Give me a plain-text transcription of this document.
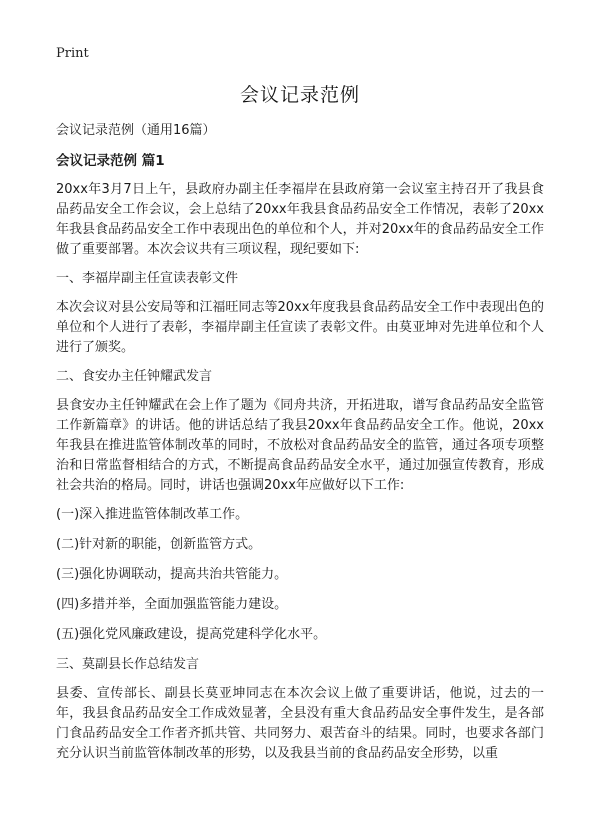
Print
会议记录范例

会议记录范例（通用16篇）

会议记录范例 篇1

20xx年3月7日上午，县政府办副主任李福岸在县政府第一会议室主持召开了我县食品药品安全工作会议，会上总结了20xx年我县食品药品安全工作情况，表彰了20xx年我县食品药品安全工作中表现出色的单位和个人，并对20xx年的食品药品安全工作做了重要部署。本次会议共有三项议程，现纪要如下:

一、李福岸副主任宣读表彰文件

本次会议对县公安局等和江福旺同志等20xx年度我县食品药品安全工作中表现出色的单位和个人进行了表彰，李福岸副主任宣读了表彰文件。由莫亚坤对先进单位和个人进行了颁奖。

二、食安办主任钟耀武发言

县食安办主任钟耀武在会上作了题为《同舟共济，开拓进取，谱写食品药品安全监管工作新篇章》的讲话。他的讲话总结了我县20xx年食品药品安全工作。他说，20xx年我县在推进监管体制改革的同时，不放松对食品药品安全的监管，通过各项专项整治和日常监督相结合的方式，不断提高食品药品安全水平，通过加强宣传教育，形成社会共治的格局。同时，讲话也强调20xx年应做好以下工作:

(一)深入推进监管体制改革工作。

(二)针对新的职能，创新监管方式。

(三)强化协调联动，提高共治共管能力。

(四)多措并举，全面加强监管能力建设。

(五)强化党风廉政建设，提高党建科学化水平。

三、莫副县长作总结发言

县委、宣传部长、副县长莫亚坤同志在本次会议上做了重要讲话，他说，过去的一年，我县食品药品安全工作成效显著，全县没有重大食品药品安全事件发生，是各部门食品药品安全工作者齐抓共管、共同努力、艰苦奋斗的结果。同时，也要求各部门充分认识当前监管体制改革的形势，以及我县当前的食品药品安全形势，以重
